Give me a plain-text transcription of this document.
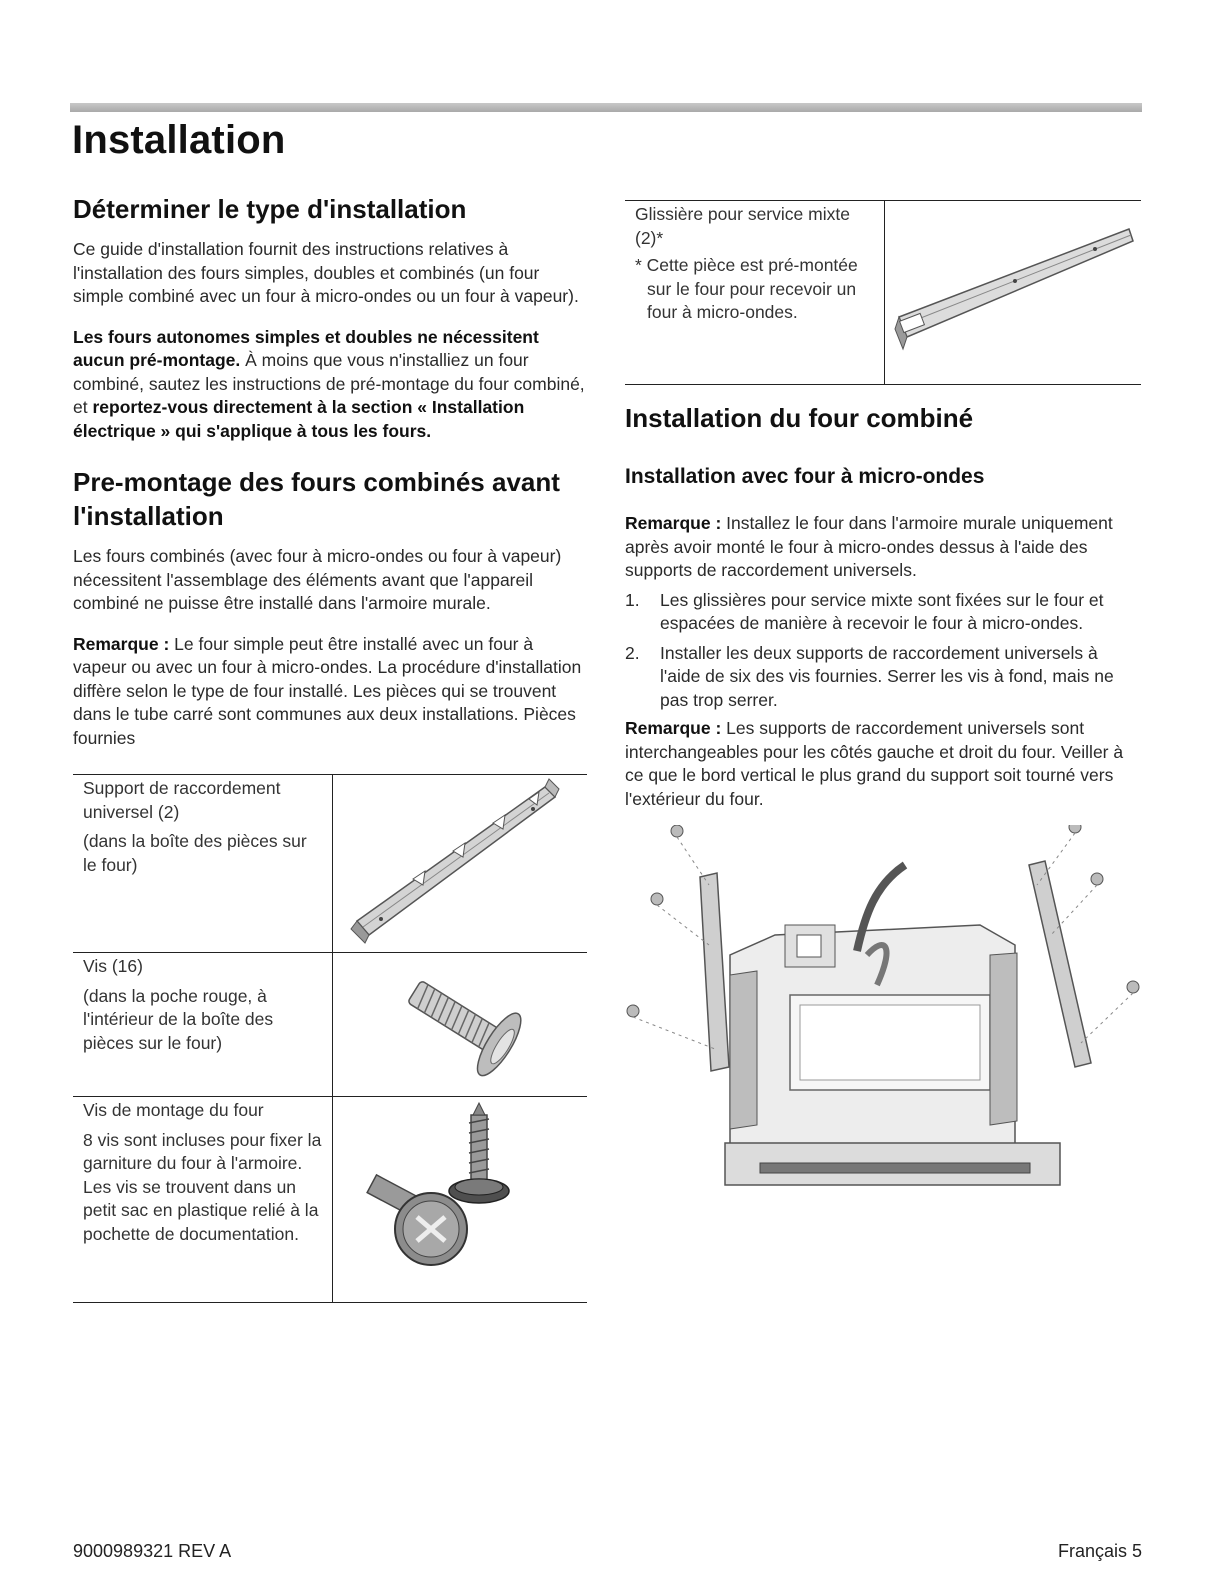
Installation
Déterminer le type d'installation

Ce guide d'installation fournit des instructions relatives à l'installation des fours simples, doubles et combinés (un four simple combiné avec un four à micro-ondes ou un four à vapeur).

Les fours autonomes simples et doubles ne nécessitent aucun pré-montage. À moins que vous n'installiez un four combiné, sautez les instructions de pré-montage du four combiné, et reportez-vous directement à la section « Installation électrique » qui s'applique à tous les fours.

Pre-montage des fours combinés avant l'installation

Les fours combinés (avec four à micro-ondes ou four à vapeur) nécessitent l'assemblage des éléments avant que l'appareil combiné ne puisse être installé dans l'armoire murale.

Remarque : Le four simple peut être installé avec un four à vapeur ou avec un four à micro-ondes. La procédure d'installation diffère selon le type de four installé. Les pièces qui se trouvent dans le tube carré sont communes aux deux installations. Pièces fournies

Support de raccordement universel (2)

(dans la boîte des pièces sur le four)

Vis (16)

(dans la poche rouge, à l'intérieur de la boîte des pièces sur le four)

Vis de montage du four

8 vis sont incluses pour fixer la garniture du four à l'armoire. Les vis se trouvent dans un petit sac en plastique relié à la pochette de documentation.

Glissière pour service mixte (2)*

* Cette pièce est pré-montée sur le four pour recevoir un four à micro-ondes.

Installation du four combiné
Installation avec four à micro-ondes

Remarque : Installez le four dans l'armoire murale uniquement après avoir monté le four à micro-ondes dessus à l'aide des supports de raccordement universels.

1. Les glissières pour service mixte sont fixées sur le four et espacées de manière à recevoir le four à micro-ondes.
2. Installer les deux supports de raccordement universels à l'aide de six des vis fournies. Serrer les vis à fond, mais ne pas trop serrer.

Remarque : Les supports de raccordement universels sont interchangeables pour les côtés gauche et droit du four. Veiller à ce que le bord vertical le plus grand du support soit tourné vers l'extérieur du four.

9000989321 REV A	Français 5
